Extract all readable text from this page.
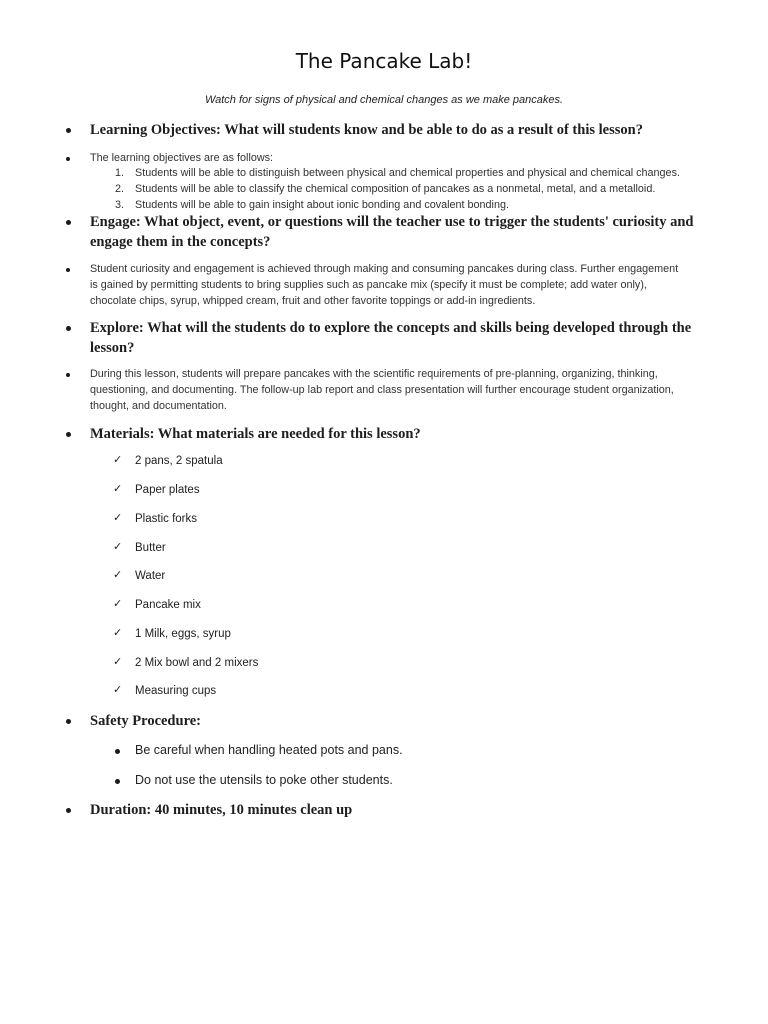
The Pancake Lab!
Watch for signs of physical and chemical changes as we make pancakes.
Learning Objectives: What will students know and be able to do as a result of this lesson?
The learning objectives are as follows:
1. Students will be able to distinguish between physical and chemical properties and physical and chemical changes.
2. Students will be able to classify the chemical composition of pancakes as a nonmetal, metal, and a metalloid.
3. Students will be able to gain insight about ionic bonding and covalent bonding.
Engage: What object, event, or questions will the teacher use to trigger the students' curiosity and
engage them in the concepts?
Student curiosity and engagement is achieved through making and consuming pancakes during class. Further engagement
is gained by permitting students to bring supplies such as pancake mix (specify it must be complete; add water only),
chocolate chips, syrup, whipped cream, fruit and other favorite toppings or add-in ingredients.
Explore: What will the students do to explore the concepts and skills being developed through the
lesson?
During this lesson, students will prepare pancakes with the scientific requirements of pre-planning, organizing, thinking,
questioning, and documenting. The follow-up lab report and class presentation will further encourage student organization,
thought, and documentation.
Materials: What materials are needed for this lesson?
✓ 2 pans, 2 spatula
✓ Paper plates
✓ Plastic forks
✓ Butter
✓ Water
✓ Pancake mix
✓ 1 Milk, eggs, syrup
✓ 2 Mix bowl and 2 mixers
✓ Measuring cups
Safety Procedure:
Be careful when handling heated pots and pans.
Do not use the utensils to poke other students.
Duration: 40 minutes, 10 minutes clean up
